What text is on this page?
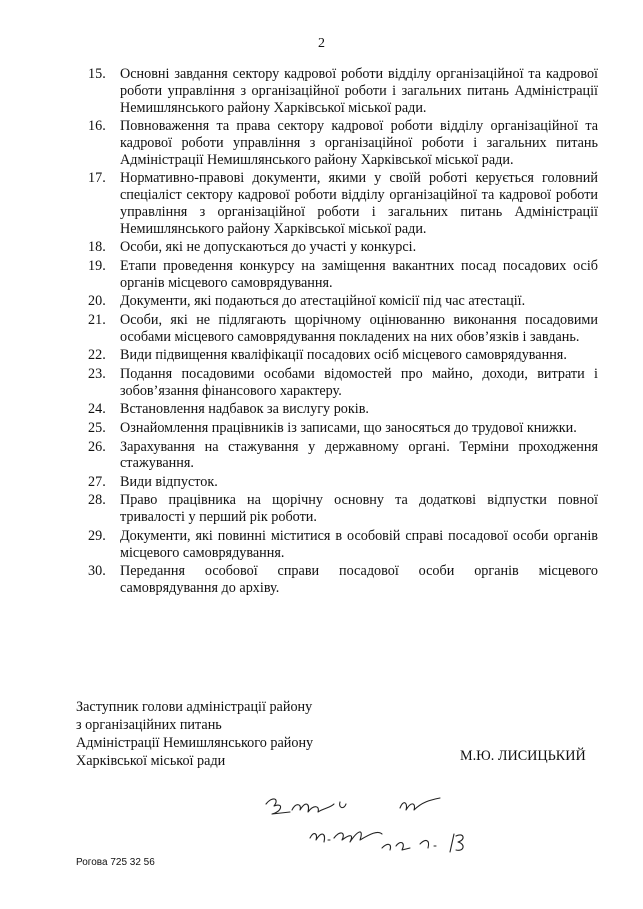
2
15. Основні завдання сектору кадрової роботи відділу організаційної та кадрової роботи управління з організаційної роботи і загальних питань Адміністрації Немишлянського району Харківської міської ради.
16. Повноваження та права сектору кадрової роботи відділу організаційної та кадрової роботи управління з організаційної роботи і загальних питань Адміністрації Немишлянського району Харківської міської ради.
17. Нормативно-правові документи, якими у своїй роботі керується головний спеціаліст сектору кадрової роботи відділу організаційної та кадрової роботи управління з організаційної роботи і загальних питань Адміністрації Немишлянського району Харківської міської ради.
18. Особи, які не допускаються до участі у конкурсі.
19. Етапи проведення конкурсу на заміщення вакантних посад посадових осіб органів місцевого самоврядування.
20. Документи, які подаються до атестаційної комісії під час атестації.
21. Особи, які не підлягають щорічному оцінюванню виконання посадовими особами місцевого самоврядування покладених на них обов’язків і завдань.
22. Види підвищення кваліфікації посадових осіб місцевого самоврядування.
23. Подання посадовими особами відомостей про майно, доходи, витрати і зобов’язання фінансового характеру.
24. Встановлення надбавок за вислугу років.
25. Ознайомлення працівників із записами, що заносяться до трудової книжки.
26. Зарахування на стажування у державному органі. Терміни проходження стажування.
27. Види відпусток.
28. Право працівника на щорічну основну та додаткові відпустки повної тривалості у перший рік роботи.
29. Документи, які повинні міститися в особовій справі посадової особи органів місцевого самоврядування.
30. Передання особової справи посадової особи органів місцевого самоврядування до архіву.
Заступник голови адміністрації району
з організаційних питань
Адміністрації Немишлянського району
Харківської міської ради	М.Ю. ЛИСИЦЬКИЙ
Рогова 725 32 56
